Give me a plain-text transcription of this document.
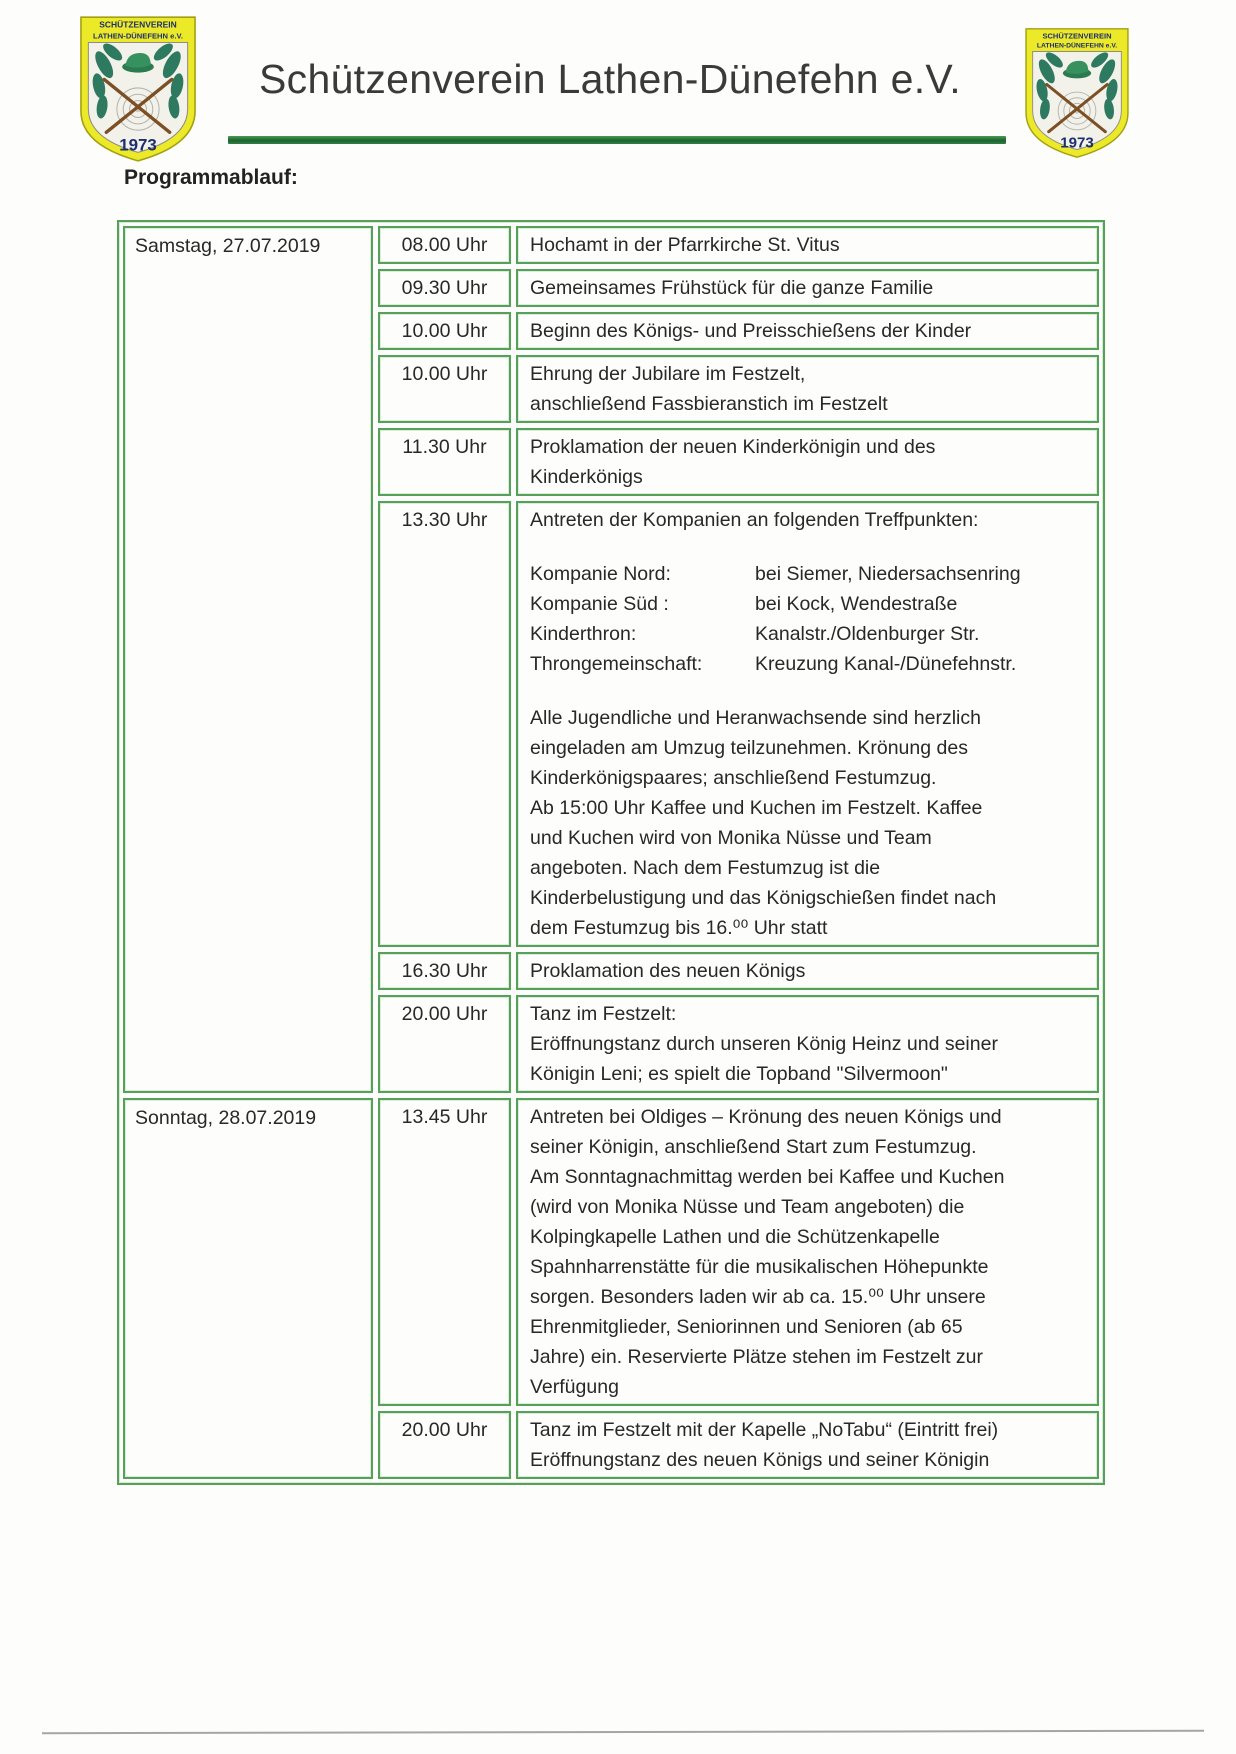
SCHÜTZENVEREIN
LATHEN-DÜNEFEHN e.V.
1973
SCHÜTZENVEREIN
LATHEN-DÜNEFEHN e.V.
1973
Schützenverein Lathen-Dünefehn e.V.
Programmablauf:
Samstag, 27.07.2019	08.00 Uhr	Hochamt in der Pfarrkirche St. Vitus
09.30 Uhr	Gemeinsames Frühstück für die ganze Familie
10.00 Uhr	Beginn des Königs- und Preisschießens der Kinder
10.00 Uhr	Ehrung der Jubilare im Festzelt,
anschließend Fassbieranstich im Festzelt
11.30 Uhr	Proklamation der neuen Kinderkönigin und des
Kinderkönigs
13.30 Uhr	Antreten der Kompanien an folgenden Treffpunkten:
Kompanie Nord:	bei Siemer, Niedersachsenring
Kompanie Süd :	bei Kock, Wendestraße
Kinderthron:	Kanalstr./Oldenburger Str.
Throngemeinschaft:	Kreuzung Kanal-/Dünefehnstr.
Alle Jugendliche und Heranwachsende sind herzlich
eingeladen am Umzug teilzunehmen. Krönung des
Kinderkönigspaares; anschließend Festumzug.
Ab 15:00 Uhr Kaffee und Kuchen im Festzelt. Kaffee
und Kuchen wird von Monika Nüsse und Team
angeboten. Nach dem Festumzug ist die
Kinderbelustigung und das Königschießen findet nach
dem Festumzug bis 16.⁰⁰ Uhr statt
16.30 Uhr	Proklamation des neuen Königs
20.00 Uhr	Tanz im Festzelt:
Eröffnungstanz durch unseren König Heinz und seiner
Königin Leni; es spielt die Topband "Silvermoon"
Sonntag, 28.07.2019	13.45 Uhr	Antreten bei Oldiges – Krönung des neuen Königs und
seiner Königin, anschließend Start zum Festumzug.
Am Sonntagnachmittag werden bei Kaffee und Kuchen
(wird von Monika Nüsse und Team angeboten) die
Kolpingkapelle Lathen und die Schützenkapelle
Spahnharrenstätte für die musikalischen Höhepunkte
sorgen. Besonders laden wir ab ca. 15.⁰⁰ Uhr unsere
Ehrenmitglieder, Seniorinnen und Senioren (ab 65
Jahre) ein. Reservierte Plätze stehen im Festzelt zur
Verfügung
20.00 Uhr	Tanz im Festzelt mit der Kapelle „NoTabu“ (Eintritt frei)
Eröffnungstanz des neuen Königs und seiner Königin
